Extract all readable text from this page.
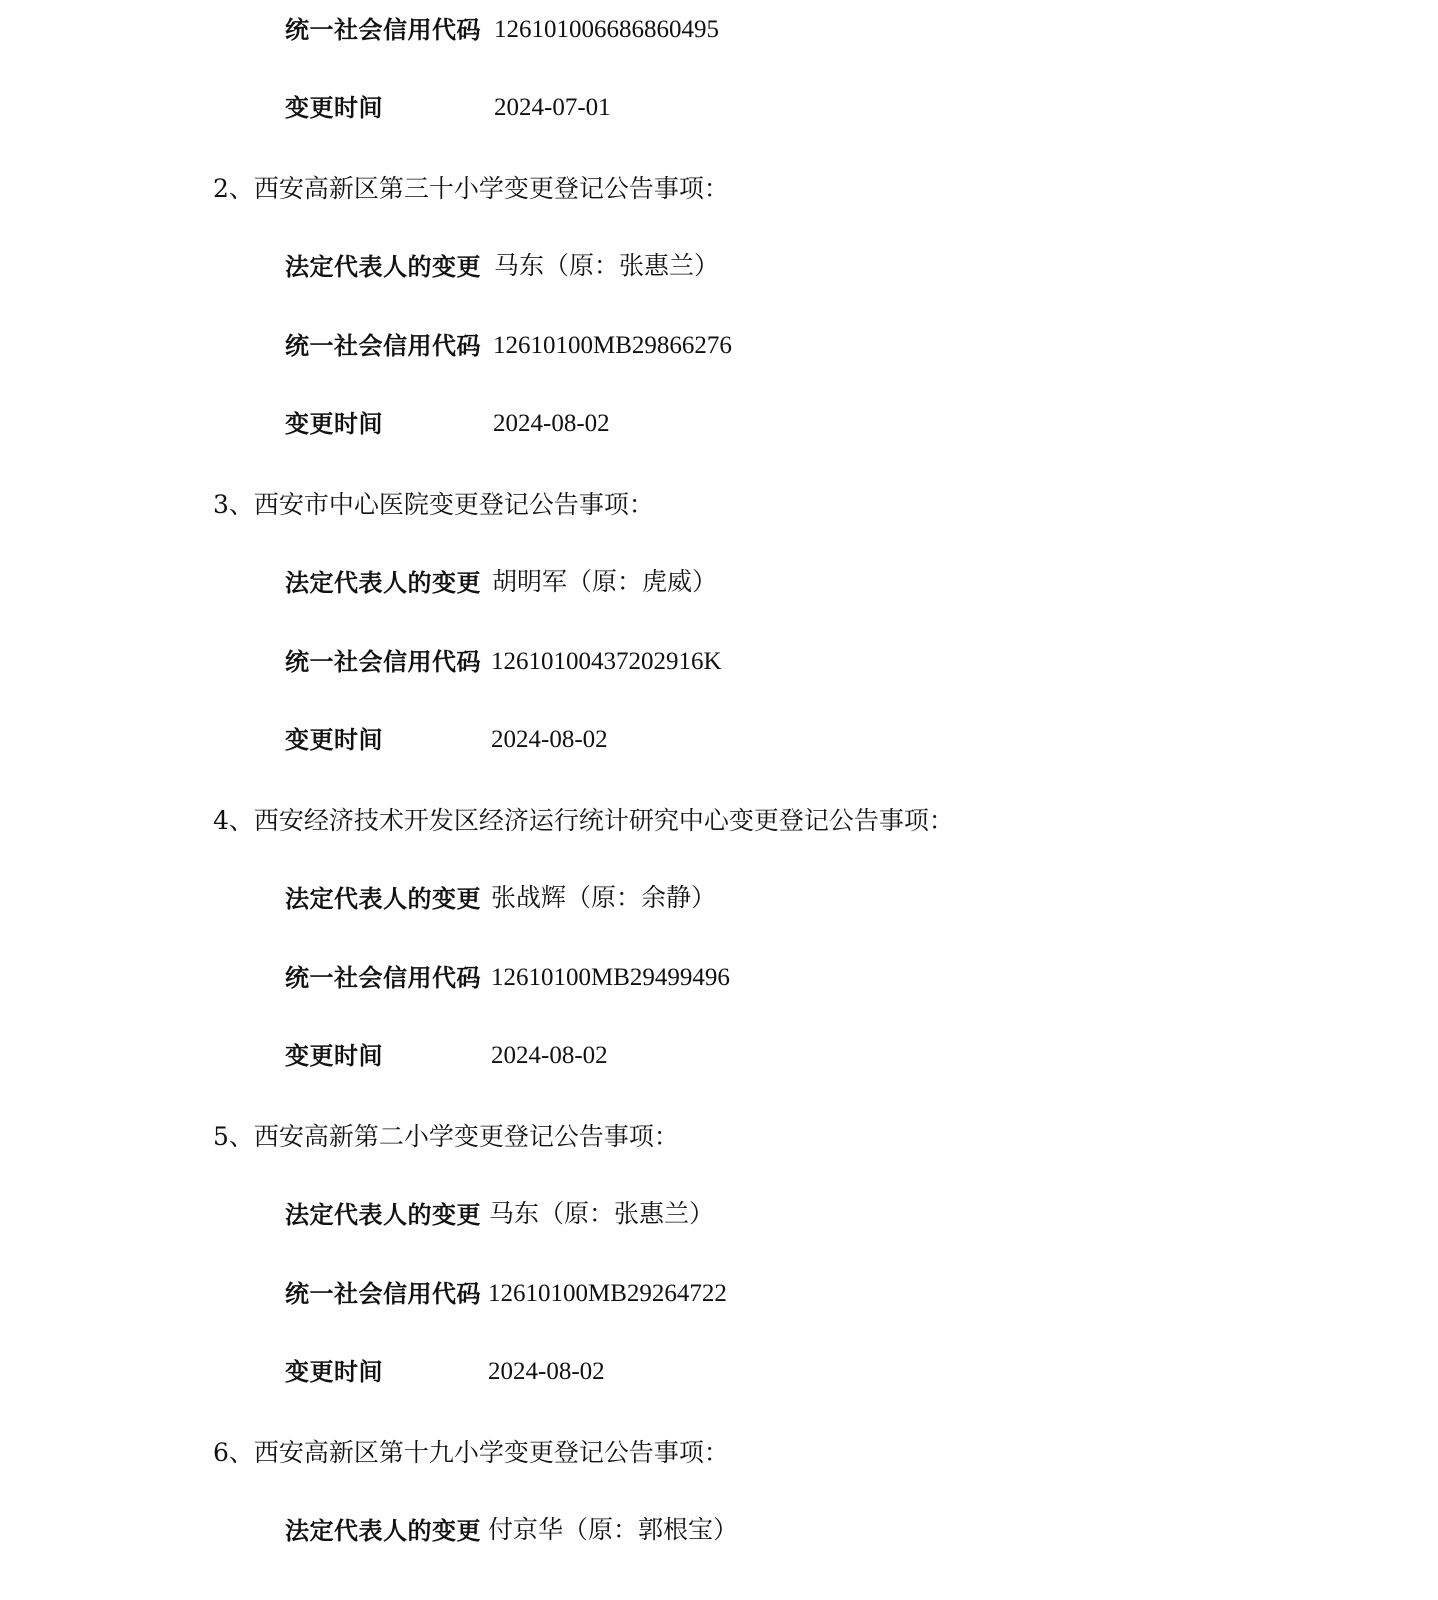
统一社会信用代码 126101006686860495
变更时间	2024-07-01
2、西安高新区第三十小学变更登记公告事项：
法定代表人的变更 马东（原：张惠兰）
统一社会信用代码 12610100MB29866276
变更时间	2024-08-02
3、西安市中心医院变更登记公告事项：
法定代表人的变更 胡明军（原：虎威）
统一社会信用代码 12610100437202916K
变更时间	2024-08-02
4、西安经济技术开发区经济运行统计研究中心变更登记公告事项：
法定代表人的变更 张战辉（原：余静）
统一社会信用代码 12610100MB29499496
变更时间	2024-08-02
5、西安高新第二小学变更登记公告事项：
法定代表人的变更 马东（原：张惠兰）
统一社会信用代码 12610100MB29264722
变更时间	2024-08-02
6、西安高新区第十九小学变更登记公告事项：
法定代表人的变更 付京华（原：郭根宝）
